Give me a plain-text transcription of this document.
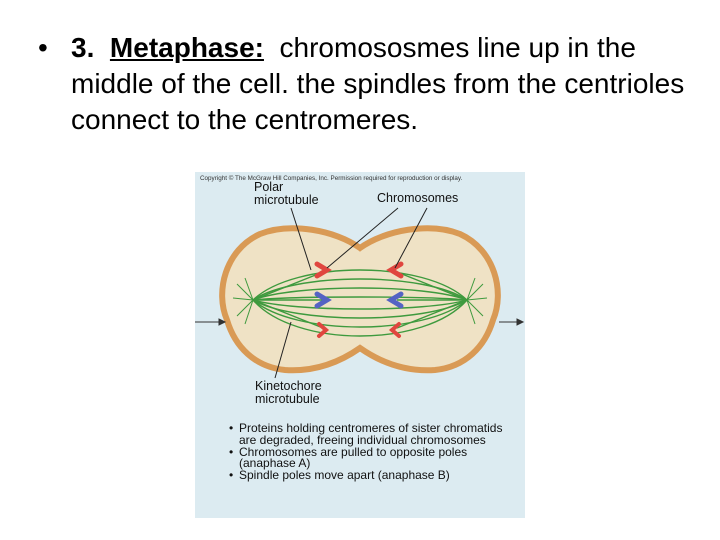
• 3. Metaphase: chromososmes line up in the middle of the cell. the spindles from the centrioles connect to the centromeres.
Copyright © The McGraw Hill Companies, Inc. Permission required for reproduction or display.
Polar microtubule	Chromosomes
Kinetochore microtubule
• Proteins holding centromeres of sister chromatids are degraded, freeing individual chromosomes
• Chromosomes are pulled to opposite poles (anaphase A)
• Spindle poles move apart (anaphase B)
